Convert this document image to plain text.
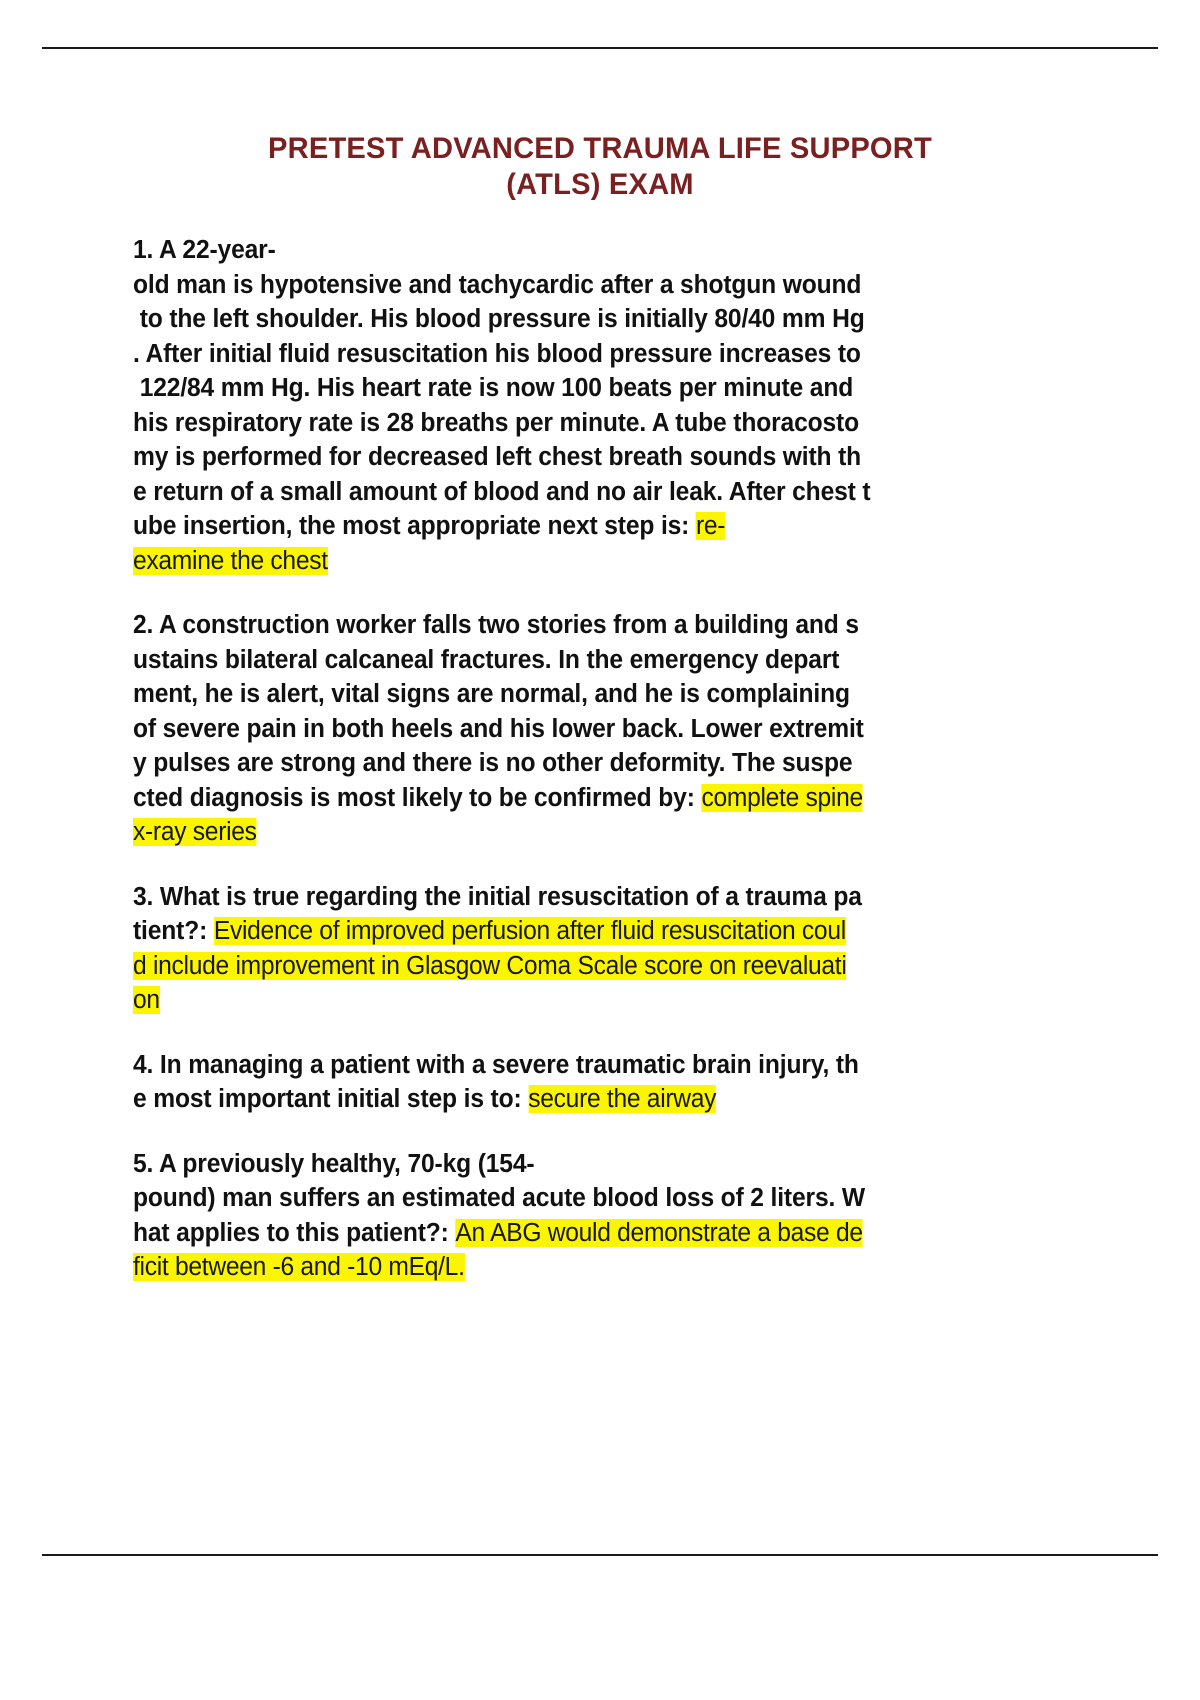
PRETEST ADVANCED TRAUMA LIFE SUPPORT
(ATLS) EXAM

1. A 22-year-
old man is hypotensive and tachycardic after a shotgun wound
to the left shoulder. His blood pressure is initially 80/40 mm Hg
. After initial fluid resuscitation his blood pressure increases to
122/84 mm Hg. His heart rate is now 100 beats per minute and
his respiratory rate is 28 breaths per minute. A tube thoracosto
my is performed for decreased left chest breath sounds with th
e return of a small amount of blood and no air leak. After chest t
ube insertion, the most appropriate next step is: re-
examine the chest

2. A construction worker falls two stories from a building and s
ustains bilateral calcaneal fractures. In the emergency depart
ment, he is alert, vital signs are normal, and he is complaining
of severe pain in both heels and his lower back. Lower extremit
y pulses are strong and there is no other deformity. The suspe
cted diagnosis is most likely to be confirmed by: complete spine
x-ray series

3. What is true regarding the initial resuscitation of a trauma pa
tient?: Evidence of improved perfusion after fluid resuscitation coul
d include improvement in Glasgow Coma Scale score on reevaluati
on

4. In managing a patient with a severe traumatic brain injury, th
e most important initial step is to: secure the airway

5. A previously healthy, 70-kg (154-
pound) man suffers an estimated acute blood loss of 2 liters. W
hat applies to this patient?: An ABG would demonstrate a base de
ficit between -6 and -10 mEq/L.
